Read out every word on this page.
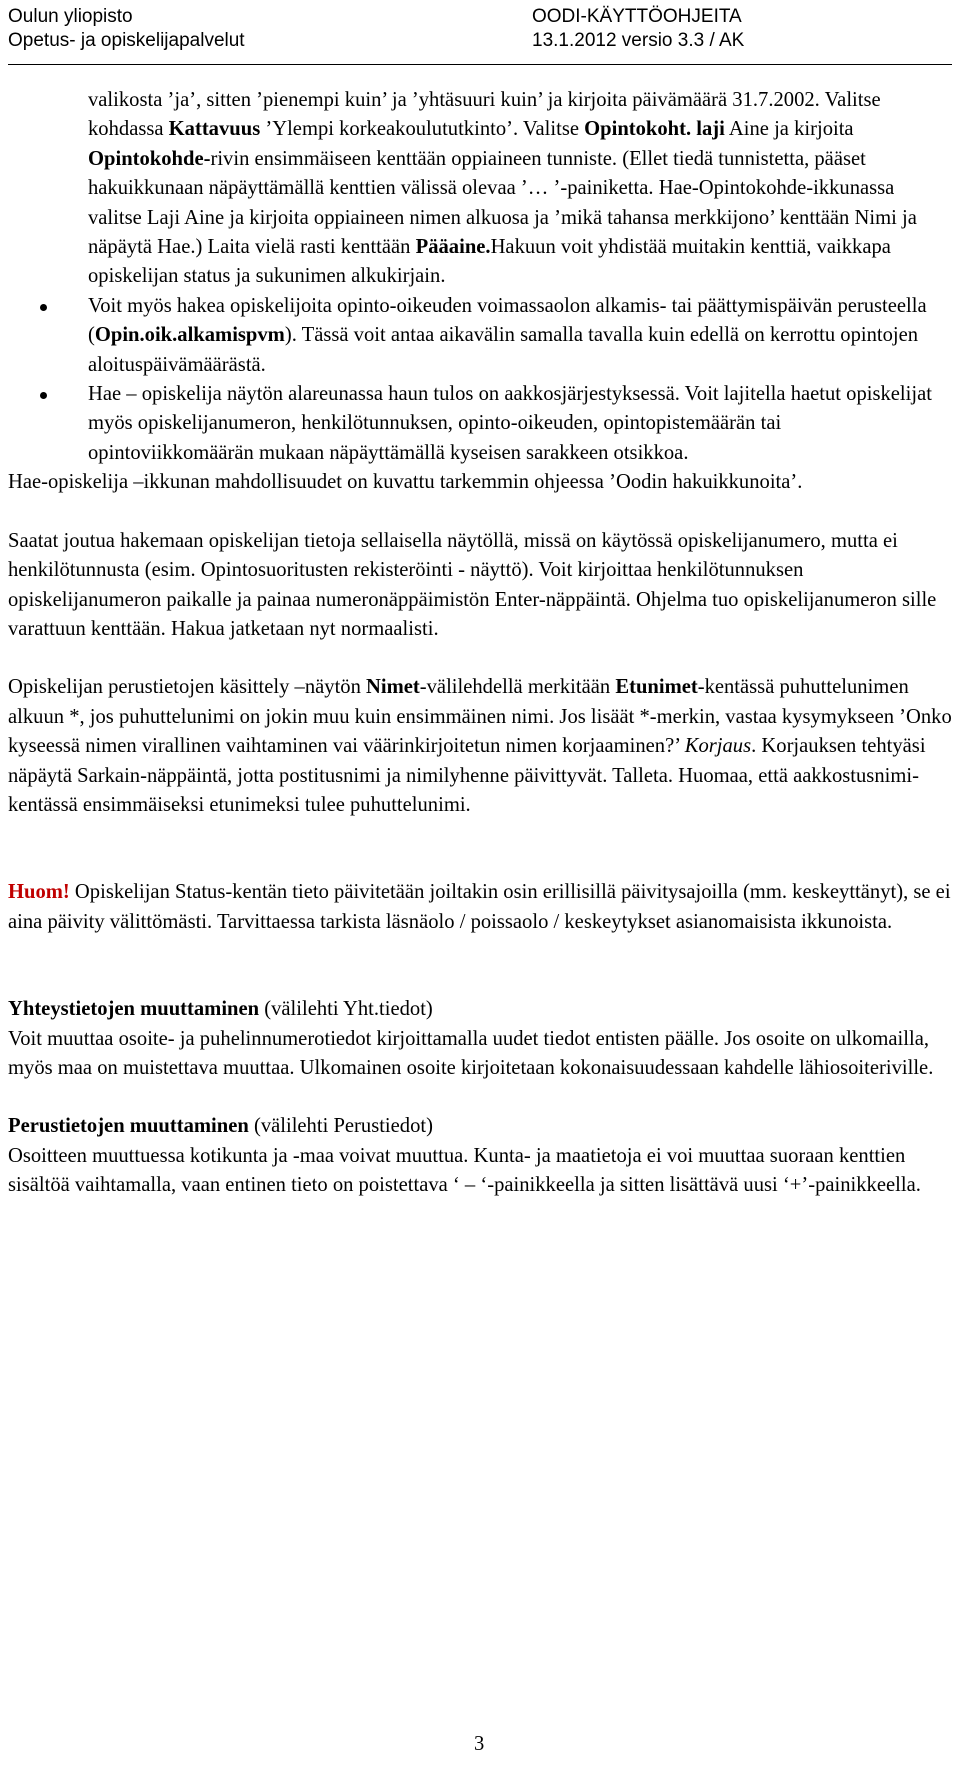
Oulun yliopisto
Opetus- ja opiskelijapalvelut
OODI-KÄYTTÖOHJEITA
13.1.2012 versio 3.3 / AK

valikosta ’ja’, sitten ’pienempi kuin’ ja ’yhtäsuuri kuin’ ja kirjoita päivämäärä 31.7.2002. Valitse kohdassa Kattavuus ’Ylempi korkeakoulututkinto’. Valitse Opintokoht. laji Aine ja kirjoita Opintokohde-rivin ensimmäiseen kenttään oppiaineen tunniste. (Ellet tiedä tunnistetta, pääset hakuikkunaan näpäyttämällä kenttien välissä olevaa ’… ’-painiketta. Hae-Opintokohde-ikkunassa valitse Laji Aine ja kirjoita oppiaineen nimen alkuosa ja ’mikä tahansa merkkijono’ kenttään Nimi ja näpäytä Hae.) Laita vielä rasti kenttään Pääaine.Hakuun voit yhdistää muitakin kenttiä, vaikkapa opiskelijan status ja sukunimen alkukirjain.

Voit myös hakea opiskelijoita opinto-oikeuden voimassaolon alkamis- tai päättymispäivän perusteella (Opin.oik.alkamispvm). Tässä voit antaa aikavälin samalla tavalla kuin edellä on kerrottu opintojen aloituspäivämäärästä.
Hae – opiskelija näytön alareunassa haun tulos on aakkosjärjestyksessä. Voit lajitella haetut opiskelijat myös opiskelijanumeron, henkilötunnuksen, opinto-oikeuden, opintopistemäärän tai opintoviikkomäärän mukaan näpäyttämällä kyseisen sarakkeen otsikkoa.

Hae-opiskelija –ikkunan mahdollisuudet on kuvattu tarkemmin ohjeessa ’Oodin hakuikkunoita’.

Saatat joutua hakemaan opiskelijan tietoja sellaisella näytöllä, missä on käytössä opiskelijanumero, mutta ei henkilötunnusta (esim. Opintosuoritusten rekisteröinti - näyttö). Voit kirjoittaa henkilötunnuksen opiskelijanumeron paikalle ja painaa numeronäppäimistön Enter-näppäintä. Ohjelma tuo opiskelijanumeron sille varattuun kenttään. Hakua jatketaan nyt normaalisti.

Opiskelijan perustietojen käsittely –näytön Nimet-välilehdellä merkitään Etunimet-kentässä puhuttelunimen alkuun *, jos puhuttelunimi on jokin muu kuin ensimmäinen nimi. Jos lisäät *-merkin, vastaa kysymykseen ’Onko kyseessä nimen virallinen vaihtaminen vai väärinkirjoitetun nimen korjaaminen?’ Korjaus. Korjauksen tehtyäsi näpäytä Sarkain-näppäintä, jotta postitusnimi ja nimilyhenne päivittyvät. Talleta. Huomaa, että aakkostusnimi-kentässä ensimmäiseksi etunimeksi tulee puhuttelunimi.

Huom! Opiskelijan Status-kentän tieto päivitetään joiltakin osin erillisillä päivitysajoilla (mm. keskeyttänyt), se ei aina päivity välittömästi. Tarvittaessa tarkista läsnäolo / poissaolo / keskeytykset asianomaisista ikkunoista.

Yhteystietojen muuttaminen (välilehti Yht.tiedot)

Voit muuttaa osoite- ja puhelinnumerotiedot kirjoittamalla uudet tiedot entisten päälle. Jos osoite on ulkomailla, myös maa on muistettava muuttaa. Ulkomainen osoite kirjoitetaan kokonaisuudessaan kahdelle lähiosoiteriville.

Perustietojen muuttaminen (välilehti Perustiedot)

Osoitteen muuttuessa kotikunta ja -maa voivat muuttua. Kunta- ja maatietoja ei voi muuttaa suoraan kenttien sisältöä vaihtamalla, vaan entinen tieto on poistettava ‘ – ‘-painikkeella ja sitten lisättävä uusi ‘+’-painikkeella.

3
